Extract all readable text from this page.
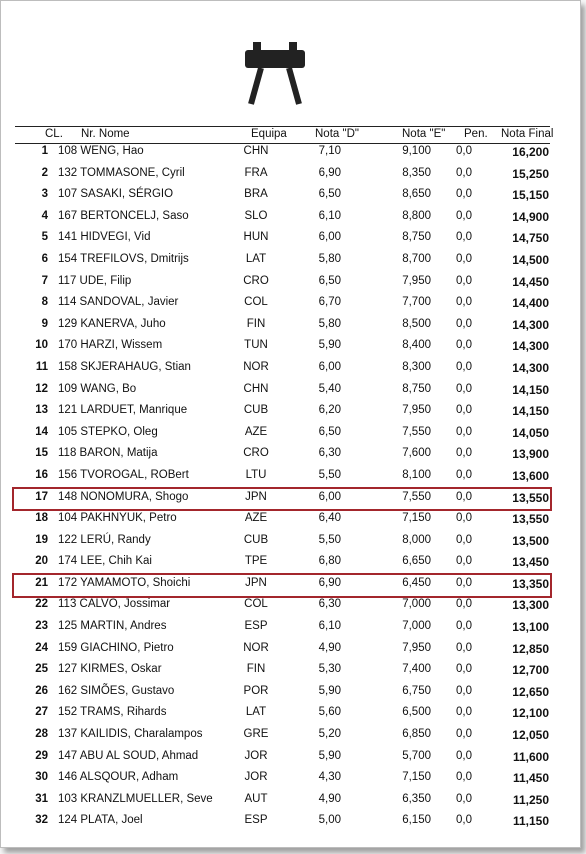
CL. Nr. Nome	Equipa Nota "D"	Nota "E" Pen. Nota Final
1 108 WENG, Hao	CHN	7,10	9,100	0,0	16,200
2 132 TOMMASONE, Cyril	FRA	6,90	8,350	0,0	15,250
3 107 SASAKI, SÉRGIO	BRA	6,50	8,650	0,0	15,150
4 167 BERTONCELJ, Saso	SLO	6,10	8,800	0,0	14,900
5 141 HIDVEGI, Vid	HUN	6,00	8,750	0,0	14,750
6 154 TREFILOVS, Dmitrijs	LAT	5,80	8,700	0,0	14,500
7 117 UDE, Filip	CRO	6,50	7,950	0,0	14,450
8 114 SANDOVAL, Javier	COL	6,70	7,700	0,0	14,400
9 129 KANERVA, Juho	FIN	5,80	8,500	0,0	14,300
10 170 HARZI, Wissem	TUN	5,90	8,400	0,0	14,300
11 158 SKJERAHAUG, Stian	NOR	6,00	8,300	0,0	14,300
12 109 WANG, Bo	CHN	5,40	8,750	0,0	14,150
13 121 LARDUET, Manrique	CUB	6,20	7,950	0,0	14,150
14 105 STEPKO, Oleg	AZE	6,50	7,550	0,0	14,050
15 118 BARON, Matija	CRO	6,30	7,600	0,0	13,900
16 156 TVOROGAL, ROBert	LTU	5,50	8,100	0,0	13,600
17 148 NONOMURA, Shogo	JPN	6,00	7,550	0,0	13,550
18 104 PAKHNYUK, Petro	AZE	6,40	7,150	0,0	13,550
19 122 LERÚ, Randy	CUB	5,50	8,000	0,0	13,500
20 174 LEE, Chih Kai	TPE	6,80	6,650	0,0	13,450
21 172 YAMAMOTO, Shoichi	JPN	6,90	6,450	0,0	13,350
22 113 CALVO, Jossimar	COL	6,30	7,000	0,0	13,300
23 125 MARTIN, Andres	ESP	6,10	7,000	0,0	13,100
24 159 GIACHINO, Pietro	NOR	4,90	7,950	0,0	12,850
25 127 KIRMES, Oskar	FIN	5,30	7,400	0,0	12,700
26 162 SIMÕES, Gustavo	POR	5,90	6,750	0,0	12,650
27 152 TRAMS, Rihards	LAT	5,60	6,500	0,0	12,100
28 137 KAILIDIS, Charalampos	GRE	5,20	6,850	0,0	12,050
29 147 ABU AL SOUD, Ahmad	JOR	5,90	5,700	0,0	11,600
30 146 ALSQOUR, Adham	JOR	4,30	7,150	0,0	11,450
31 103 KRANZLMUELLER, Seve	AUT	4,90	6,350	0,0	11,250
32 124 PLATA, Joel	ESP	5,00	6,150	0,0	11,150
